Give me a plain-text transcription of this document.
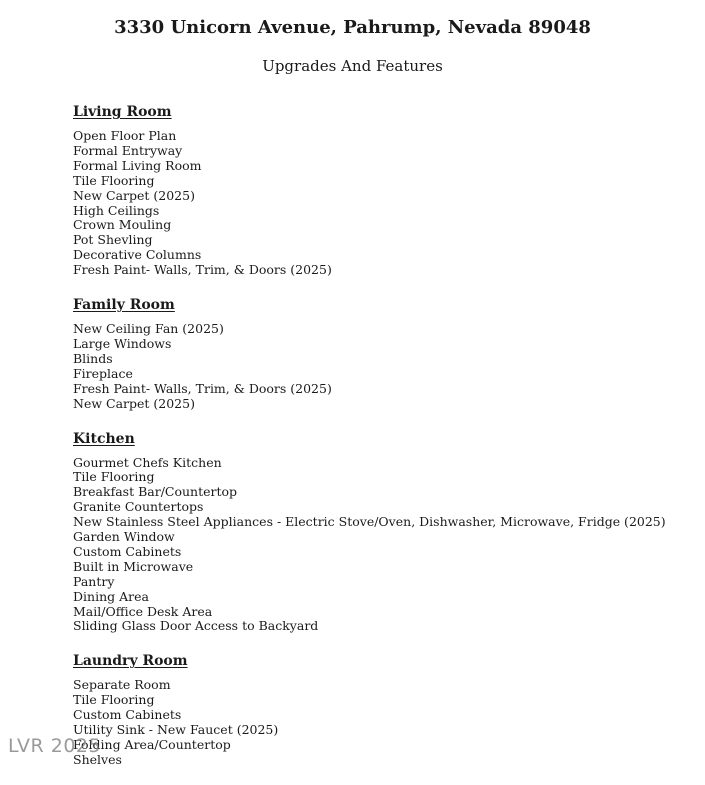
3330 Unicorn Avenue, Pahrump, Nevada 89048
Upgrades And Features
Living Room
Open Floor Plan
Formal Entryway
Formal Living Room
Tile Flooring
New Carpet (2025)
High Ceilings
Crown Mouling
Pot Shevling
Decorative Columns
Fresh Paint- Walls, Trim, & Doors (2025)
Family Room
New Ceiling Fan (2025)
Large Windows
Blinds
Fireplace
Fresh Paint- Walls, Trim, & Doors (2025)
New Carpet (2025)
Kitchen
Gourmet Chefs Kitchen
Tile Flooring
Breakfast Bar/Countertop
Granite Countertops
New Stainless Steel Appliances - Electric Stove/Oven, Dishwasher, Microwave, Fridge (2025)
Garden Window
Custom Cabinets
Built in Microwave
Pantry
Dining Area
Mail/Office Desk Area
Sliding Glass Door Access to Backyard
Laundry Room
Separate Room
Tile Flooring
Custom Cabinets
Utility Sink - New Faucet (2025)
Folding Area/Countertop
Shelves
LVR 2025
